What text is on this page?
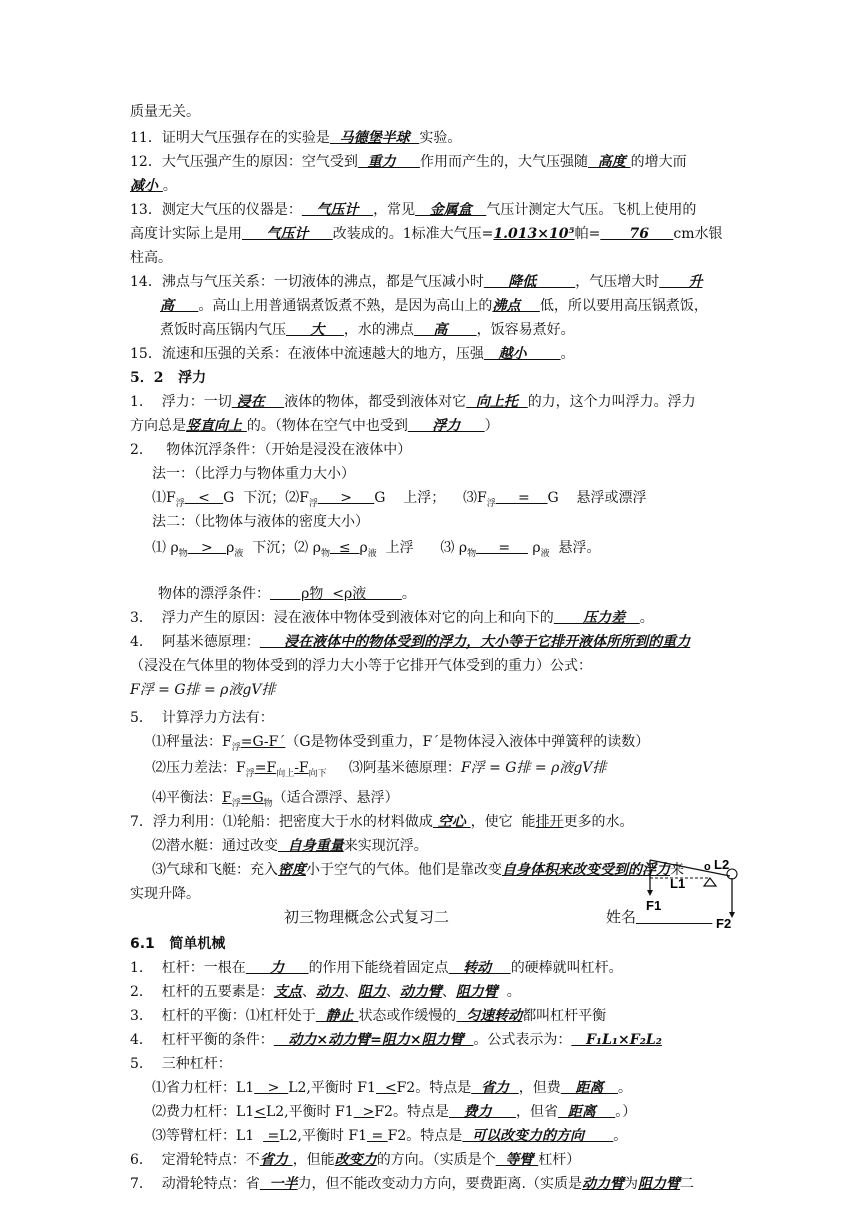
质量无关。
11．证明大气压强存在的实验是  马德堡半球  实验。
12．大气压强产生的原因：空气受到  重力     作用而产生的，大气压强随  高度 的增大而
减小 。
13．测定大气压的仪器是：   气压计   ，常见   金属盒   气压计测定大气压。飞机上使用的
高度计实际上是用     气压计     改装成的。1标准大气压=1.013×10⁵帕=      76     cm水银
柱高。
14．沸点与气压关系：一切液体的沸点，都是气压减小时     降低        ，气压增大时      升
高     。高山上用普通锅煮饭煮不熟，是因为高山上的沸点    低，所以要用高压锅煮饭，
煮饭时高压锅内气压     大    ，水的沸点    高      ，饭容易煮好。
15．流速和压强的关系：在液体中流速越大的地方，压强   越小       。
5．2   浮力
1．  浮力：一切 浸在    液体的物体，都受到液体对它  向上托  的力，这个力叫浮力。浮力
方向总是竖直向上 的。（物体在空气中也受到     浮力     ）
2．   物体沉浮条件：（开始是浸没在液体中）
法一：（比浮力与物体重力大小）
$⑴F_浮 < G$  下沉；$⑵F_浮$     >     G    上浮；    $⑶F_浮$     =    G    悬浮或漂浮
法二：（比物体与液体的密度大小）
⑴ $\rho_物 > \rho_液$  下沉；⑵ $\rho_物 \le \rho_液$  上浮      ⑶ $\rho_物$     =     $\rho_液$  悬浮。
物体的漂浮条件：       ρ物  <ρ液        。
3．  浮力产生的原因：浸在液体中物体受到液体对它的向上和向下的      压力差   。
4．  阿基米德原理：     浸在液体中的物体受到的浮力，大小等于它排开液体所所到的重力
（浸没在气体里的物体受到的浮力大小等于它排开气体受到的重力）公式：
F浮 = G排 = ρ液gV排
5．  计算浮力方法有：
⑴秤量法：$F_浮=G-F´(G$是物体受到重力，F´是物体浸入液体中弹簧秤的读数）
⑵压力差法：$F_浮=F_{向上}-F_{向下}$     ⑶阿基米德原理：F浮 = G排 = ρ液gV排
⑷平衡法：$F_浮=G_物$（适合漂浮、悬浮）
7．浮力利用：⑴轮船：把密度大于水的材料做成 空心 ，使它  能排开更多的水。
⑵潜水艇：通过改变  自身重量来实现沉浮。
⑶气球和飞艇：充入密度小于空气的气体。他们是靠改变自身体积来改变受到的浮力来
实现升降。
6.1   简单机械
1．  杠杆：一根在     力     的作用下能绕着固定点   转动    的硬棒就叫杠杆。
2．  杠杆的五要素是：支点、动力、阻力、动力臂、阻力臂  。
3．  杠杆的平衡：⑴杠杆处于  静止 状态或作缓慢的  匀速转动都叫杠杆平衡
4．  杠杆平衡的条件：   动力×动力臂=阻力×阻力臂  。公式表示为：   F₁L₁×F₂L₂
5．  三种杠杆：
⑴省力杠杆：L1   >  L2,平衡时 F1  <F2。特点是  省力  ，但费   距离   。
⑵费力杠杆：L1<L2,平衡时 F1  >F2。特点是   费力     ，但省  距离    。）
⑶等臂杠杆：L1   =L2,平衡时 F1 = F2。特点是  可以改变力的方向      。
6．  定滑轮特点：不省力 ，但能改变力的方向。（实质是个  等臂 杠杆）
7．  动滑轮特点：省  一半力，但不能改变动力方向，要费距离.（实质是动力臂为阻力臂二
初三物理概念公式复习二	姓名
o L2
L1
F1
F2
